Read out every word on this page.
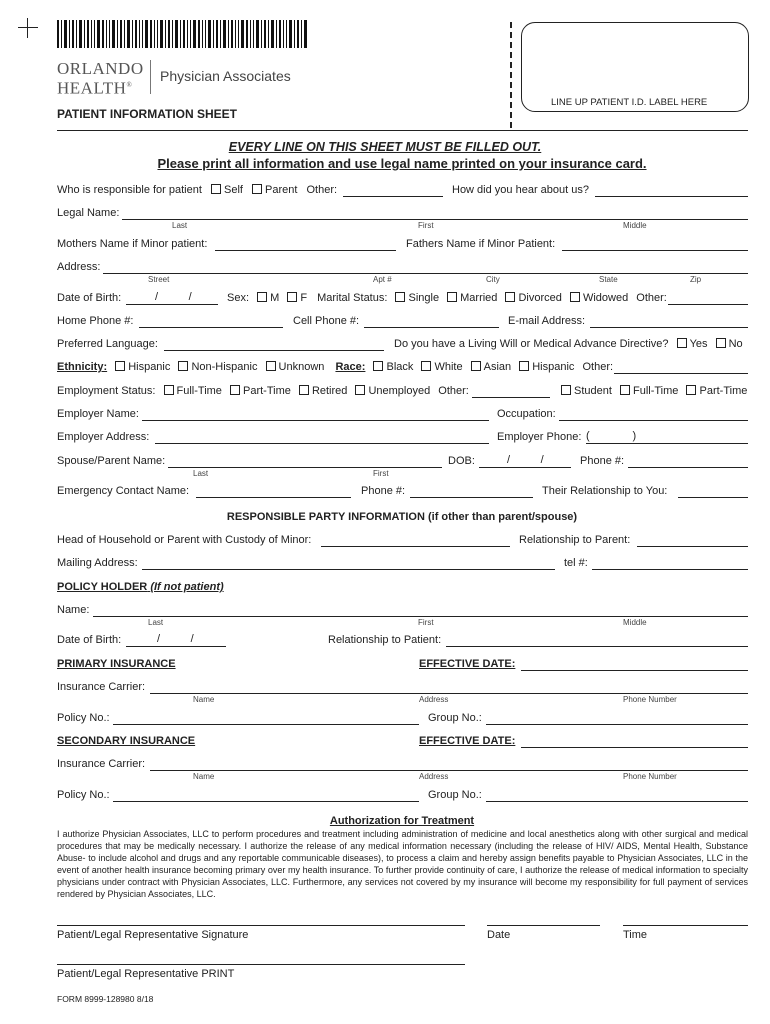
ORLANDO
HEALTH®
Physician Associates
PATIENT INFORMATION SHEET
LINE UP PATIENT I.D. LABEL HERE
EVERY LINE ON THIS SHEET MUST BE FILLED OUT.
Please print all information and use legal name printed on your insurance card.
Who is responsible for patient Self Parent Other:	How did you hear about us?
Legal Name:
Last	First	Middle
Mothers Name if Minor patient:	Fathers Name if Minor Patient:
Address:
Street	Apt #	City	State	Zip
Date of Birth:	/          /	Sex: M F Marital Status: Single Married Divorced Widowed Other:
Home Phone #:	Cell Phone #:	E-mail Address:
Preferred Language:	Do you have a Living Will or Medical Advance Directive? Yes No
Ethnicity: Hispanic Non-Hispanic Unknown Race: Black White Asian Hispanic Other:
Employment Status: Full-Time Part-Time Retired Unemployed Other:	Student Full-Time Part-Time
Employer Name:	Occupation:
Employer Address:	Employer Phone: (              )
Spouse/Parent Name:
Last	First
DOB:	/          /	Phone #:
Emergency Contact Name:	Phone #:	Their Relationship to You:
RESPONSIBLE PARTY INFORMATION (if other than parent/spouse)
Head of Household or Parent with Custody of Minor:	Relationship to Parent:
Mailing Address:	tel #:
POLICY HOLDER (If not patient)
Name:
Last	First	Middle
Date of Birth:	/          /	Relationship to Patient:
PRIMARY INSURANCE	EFFECTIVE DATE:
Insurance Carrier:
Name	Address	Phone Number
Policy No.:	Group No.:
SECONDARY INSURANCE	EFFECTIVE DATE:
Insurance Carrier:
Name	Address	Phone Number
Policy No.:	Group No.:
Authorization for Treatment
I authorize Physician Associates, LLC to perform procedures and treatment including administration of medicine and local anesthetics along with other surgical and medical procedures that may be medically necessary. I authorize the release of any medical information necessary (including the release of HIV/ AIDS, Mental Health, Substance Abuse- to include alcohol and drugs and any reportable communicable diseases), to process a claim and hereby assign benefits payable to Physician Associates, LLC in the event of another health insurance becoming primary over my health insurance. To further provide continuity of care, I authorize the release of medical information to specialty physicians under contract with Physician Associates, LLC. Furthermore, any services not covered by my insurance will become my responsibility for full payment of services rendered by Physician Associates, LLC.
Patient/Legal Representative Signature	Date	Time
Patient/Legal Representative PRINT
FORM 8999-128980 8/18
